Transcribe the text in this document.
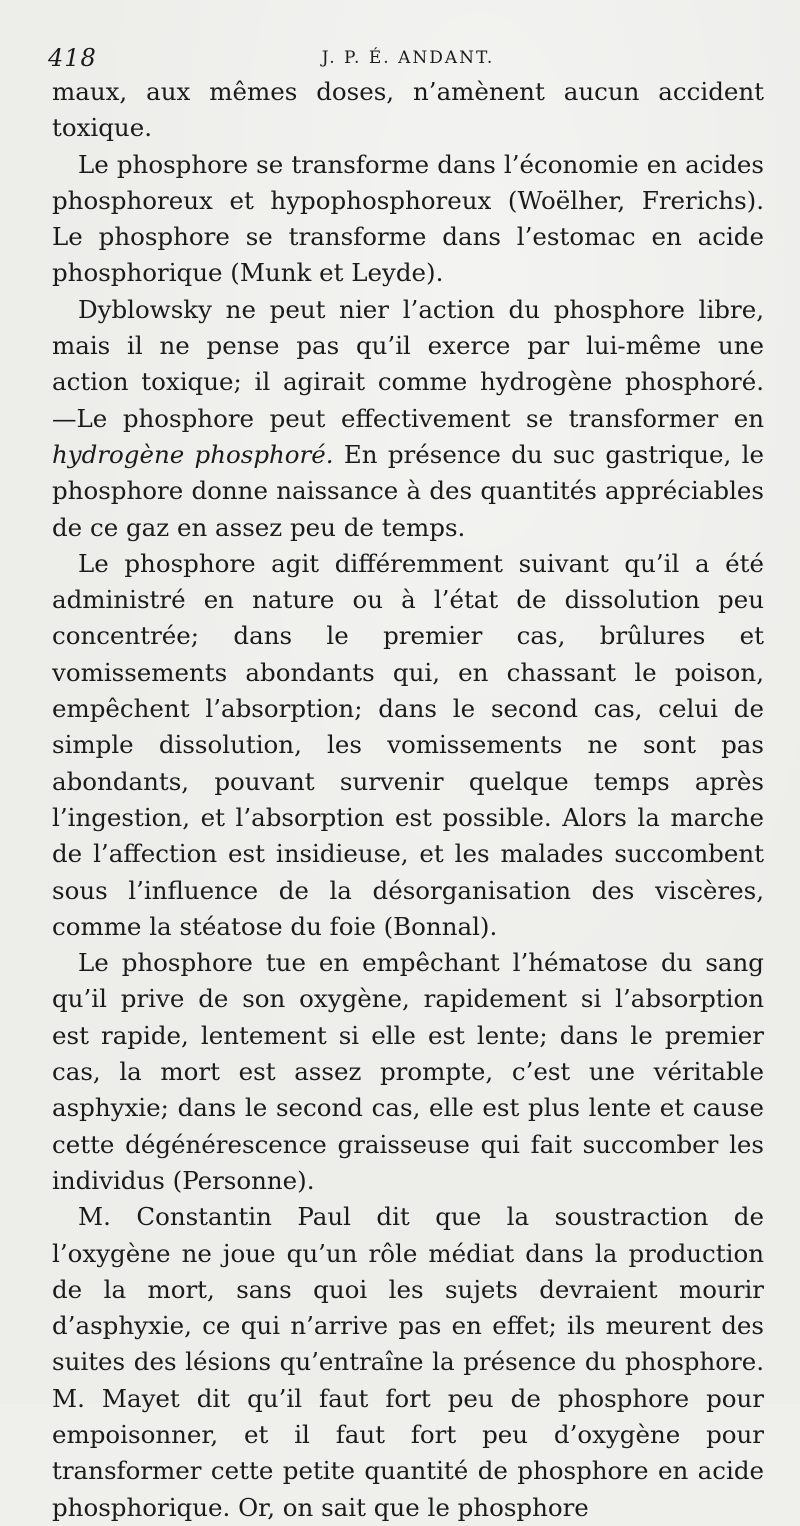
418	J. P. É. ANDANT.

maux, aux mêmes doses, n’amènent aucun accident toxique.

Le phosphore se transforme dans l’économie en acides phosphoreux et hypophosphoreux (Woëlher, Frerichs). Le phosphore se transforme dans l’estomac en acide phosphorique (Munk et Leyde).

Dyblowsky ne peut nier l’action du phosphore libre, mais il ne pense pas qu’il exerce par lui-même une action toxique; il agirait comme hydrogène phosphoré. —Le phosphore peut effectivement se transformer en hydrogène phosphoré. En présence du suc gastrique, le phosphore donne naissance à des quantités appréciables de ce gaz en assez peu de temps.

Le phosphore agit différemment suivant qu’il a été administré en nature ou à l’état de dissolution peu concentrée; dans le premier cas, brûlures et vomissements abondants qui, en chassant le poison, empêchent l’absorption; dans le second cas, celui de simple dissolution, les vomissements ne sont pas abondants, pouvant survenir quelque temps après l’ingestion, et l’absorption est possible. Alors la marche de l’affection est insidieuse, et les malades succombent sous l’influence de la désorganisation des viscères, comme la stéatose du foie (Bonnal).

Le phosphore tue en empêchant l’hématose du sang qu’il prive de son oxygène, rapidement si l’absorption est rapide, lentement si elle est lente; dans le premier cas, la mort est assez prompte, c’est une véritable asphyxie; dans le second cas, elle est plus lente et cause cette dégénérescence graisseuse qui fait succomber les individus (Personne).

M. Constantin Paul dit que la soustraction de l’oxygène ne joue qu’un rôle médiat dans la production de la mort, sans quoi les sujets devraient mourir d’asphyxie, ce qui n’arrive pas en effet; ils meurent des suites des lésions qu’entraîne la présence du phosphore. M. Mayet dit qu’il faut fort peu de phosphore pour empoisonner, et il faut fort peu d’oxygène pour transformer cette petite quantité de phosphore en acide phosphorique. Or, on sait que le phosphore
